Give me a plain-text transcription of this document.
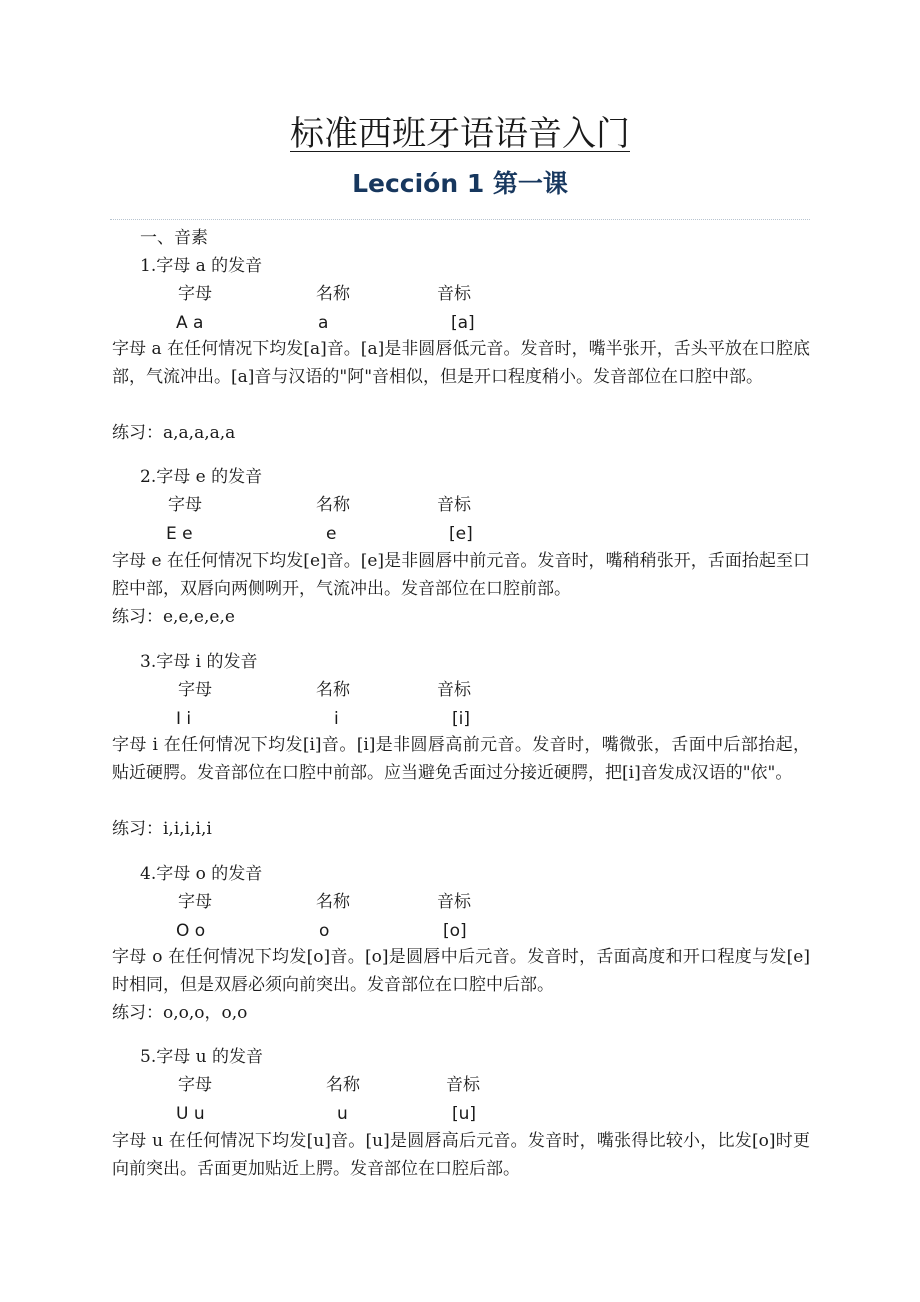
标准西班牙语语音入门
Lección 1 第一课
一、音素
1.字母 a 的发音
字母	名称	音标
A a	a	[a]
字母 a 在任何情况下均发[a]音。[a]是非圆唇低元音。发音时，嘴半张开，舌头平放在口腔底部，气流冲出。[a]音与汉语的"阿"音相似，但是开口程度稍小。发音部位在口腔中部。
练习：a,a,a,a,a
2.字母 e 的发音
字母	名称	音标
E e	e	[e]
字母 e 在任何情况下均发[e]音。[e]是非圆唇中前元音。发音时，嘴稍稍张开，舌面抬起至口腔中部，双唇向两侧咧开，气流冲出。发音部位在口腔前部。
练习：e,e,e,e,e
3.字母 i 的发音
字母	名称	音标
I i	i	[i]
字母 i 在任何情况下均发[i]音。[i]是非圆唇高前元音。发音时，嘴微张，舌面中后部抬起，贴近硬腭。发音部位在口腔中前部。应当避免舌面过分接近硬腭，把[i]音发成汉语的"依"。
练习：i,i,i,i,i
4.字母 o 的发音
字母	名称	音标
O o	o	[o]
字母 o 在任何情况下均发[o]音。[o]是圆唇中后元音。发音时，舌面高度和开口程度与发[e]时相同，但是双唇必须向前突出。发音部位在口腔中后部。
练习：o,o,o，o,o
5.字母 u 的发音
字母	名称	音标
U u	u	[u]
字母 u 在任何情况下均发[u]音。[u]是圆唇高后元音。发音时，嘴张得比较小，比发[o]时更向前突出。舌面更加贴近上腭。发音部位在口腔后部。
